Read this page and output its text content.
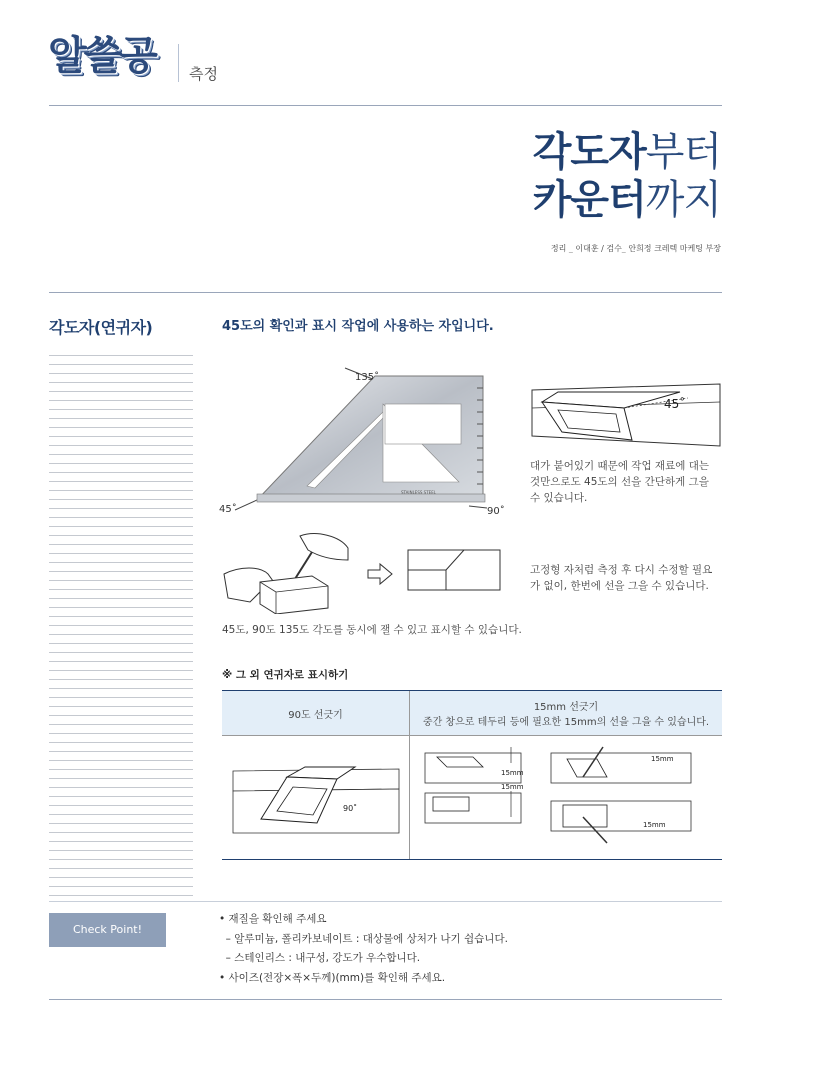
알쓸공 측정
각도자부터
카운터까지
정리 _ 이대훈 / 검수_ 안희정 크레텍 마케팅 부장
각도자(연귀자)	45도의 확인과 표시 작업에 사용하는 자입니다.
135˚
45˚	90˚
STAINLESS STEEL
45˚
대가 붙어있기 때문에 작업 재료에 대는 것만으로도 45도의 선을 간단하게 그을 수 있습니다.
고정형 자처럼 측정 후 다시 수정할 필요가 없이, 한번에 선을 그을 수 있습니다.
45도, 90도 135도 각도를 동시에 잴 수 있고 표시할 수 있습니다.
※ 그 외 연귀자로 표시하기
90도 선긋기	15mm 선긋기
중간 창으로 테두리 등에 필요한 15mm의 선을 그을 수 있습니다.

90˚	15mm
15mm
15mm
15mm
Check Point!
• 재질을 확인해 주세요
– 알루미늄, 폴리카보네이트 : 대상물에 상처가 나기 쉽습니다.
– 스테인리스 : 내구성, 강도가 우수합니다.
• 사이즈(전장×폭×두께)(mm)를 확인해 주세요.
